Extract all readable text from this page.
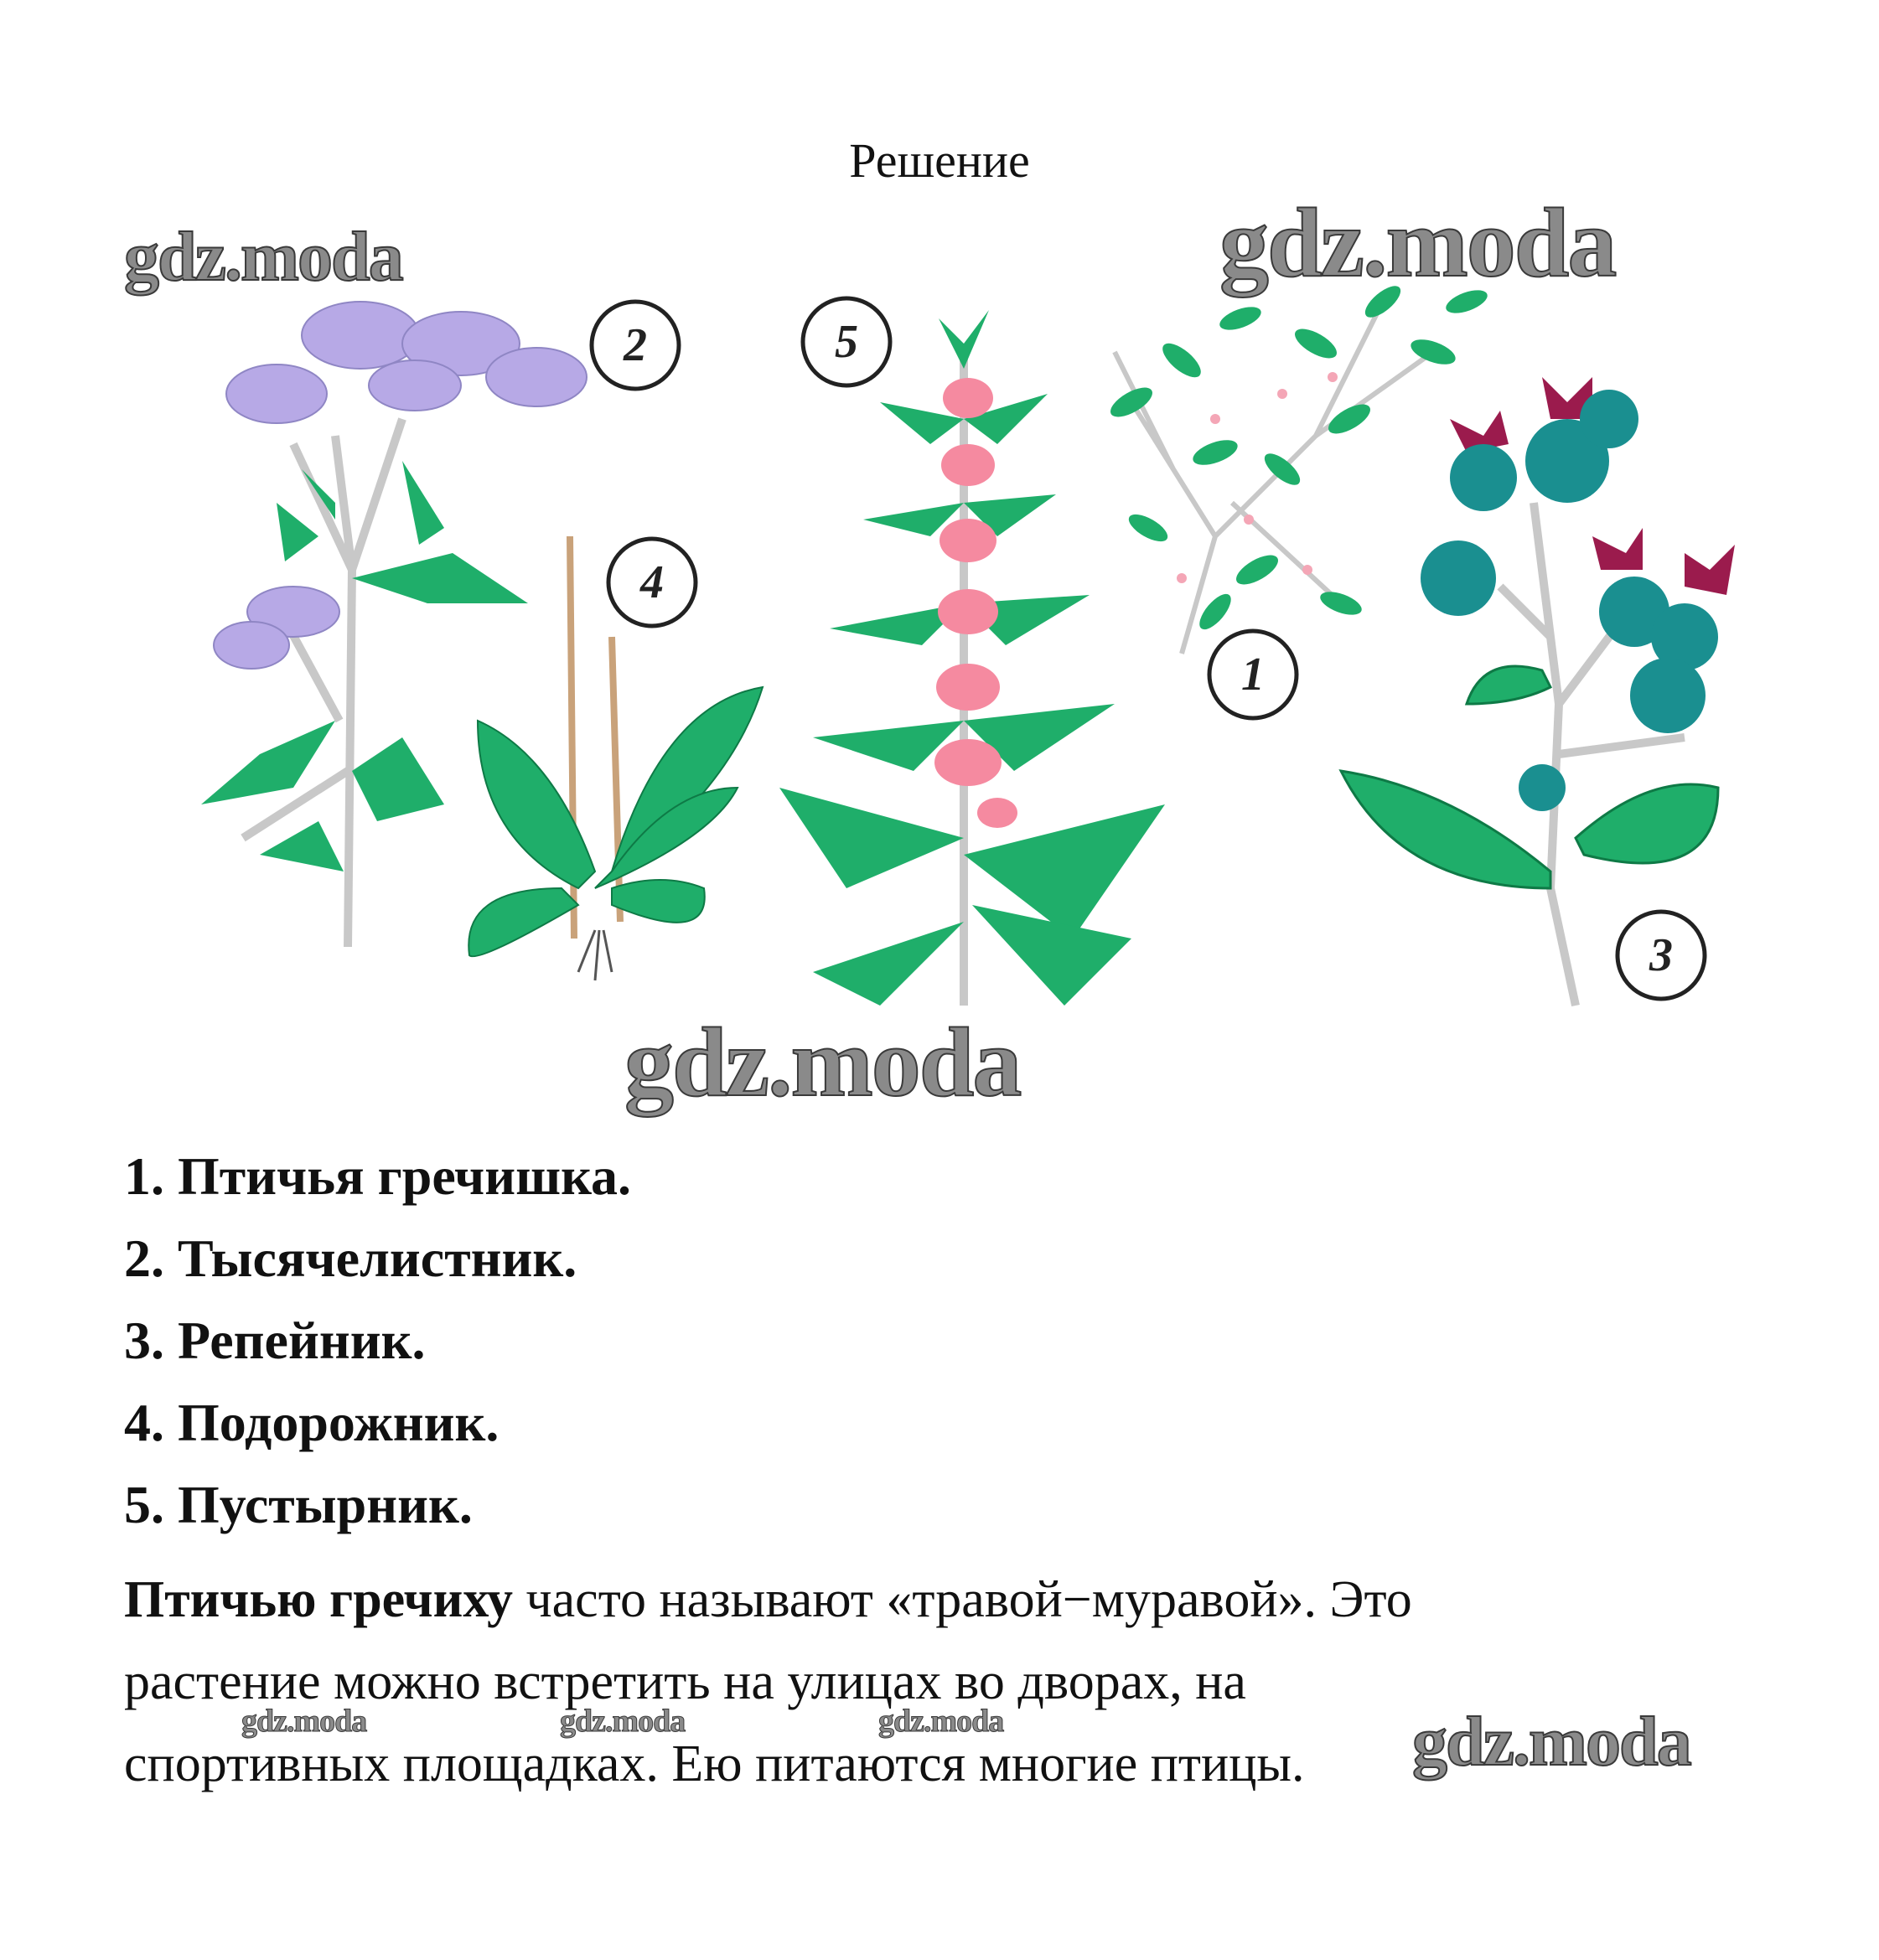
Решение
gdz.moda	gdz.moda
gdz.moda
2
4
5
1
3
1. Птичья гречишка.
2. Тысячелистник.
3. Репейник.
4. Подорожник.
5. Пустырник.
Птичью гречиху часто называют «травой−муравой». Это
растение можно встретить на улицах во дворах, на
спортивных площадках. Ею питаются многие птицы.
gdz.moda	gdz.moda	gdz.moda	gdz.moda
